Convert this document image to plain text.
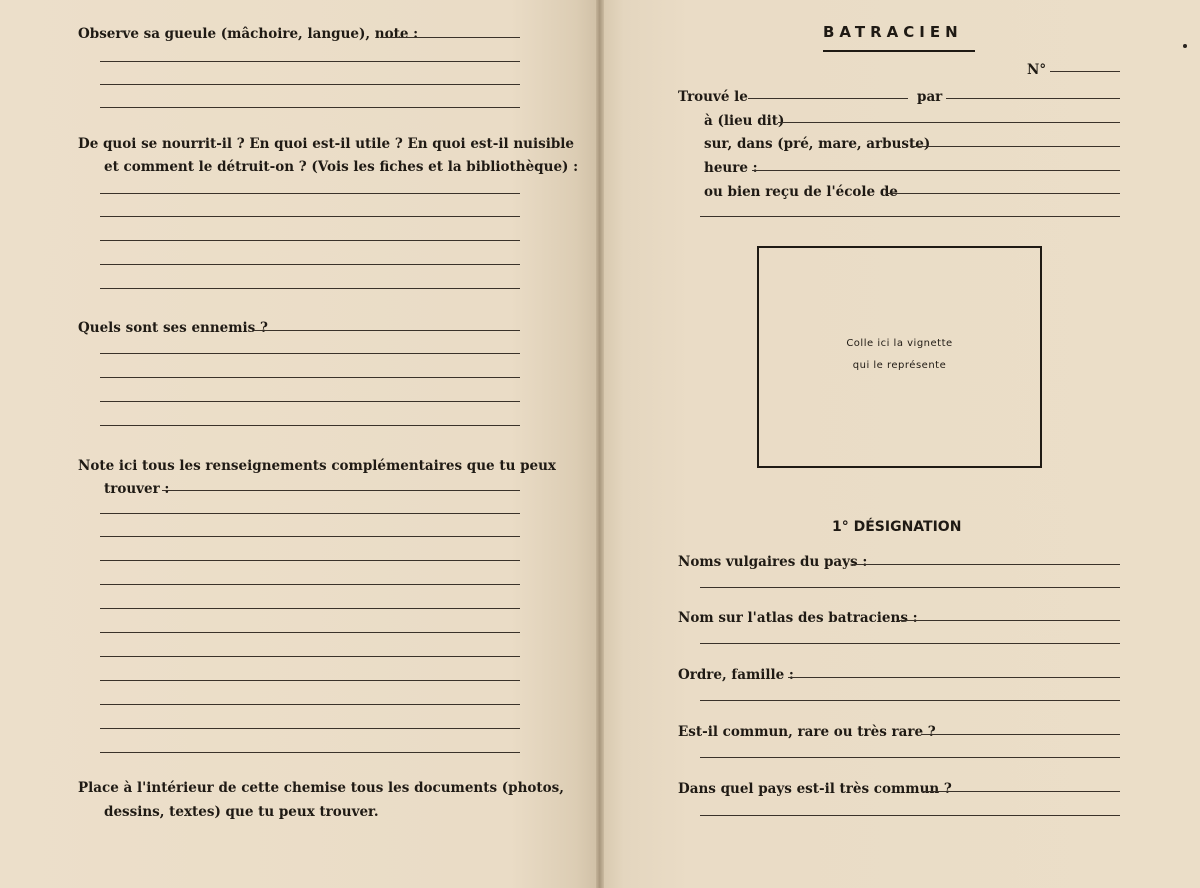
Observe sa gueule (mâchoire, langue), note :
De quoi se nourrit-il ? En quoi est-il utile ? En quoi est-il nuisible
et comment le détruit-on ? (Vois les fiches et la bibliothèque) :
Quels sont ses ennemis ?
Note ici tous les renseignements complémentaires que tu peux
trouver :
Place à l'intérieur de cette chemise tous les documents (photos,
dessins, textes) que tu peux trouver.
BATRACIEN
N°
Trouvé le	par
à (lieu dit)
sur, dans (pré, mare, arbuste)
heure :
ou bien reçu de l'école de
Colle ici la vignette
qui le représente
1° DÉSIGNATION
Noms vulgaires du pays :
Nom sur l'atlas des batraciens :
Ordre, famille :
Est-il commun, rare ou très rare ?
Dans quel pays est-il très commun ?
